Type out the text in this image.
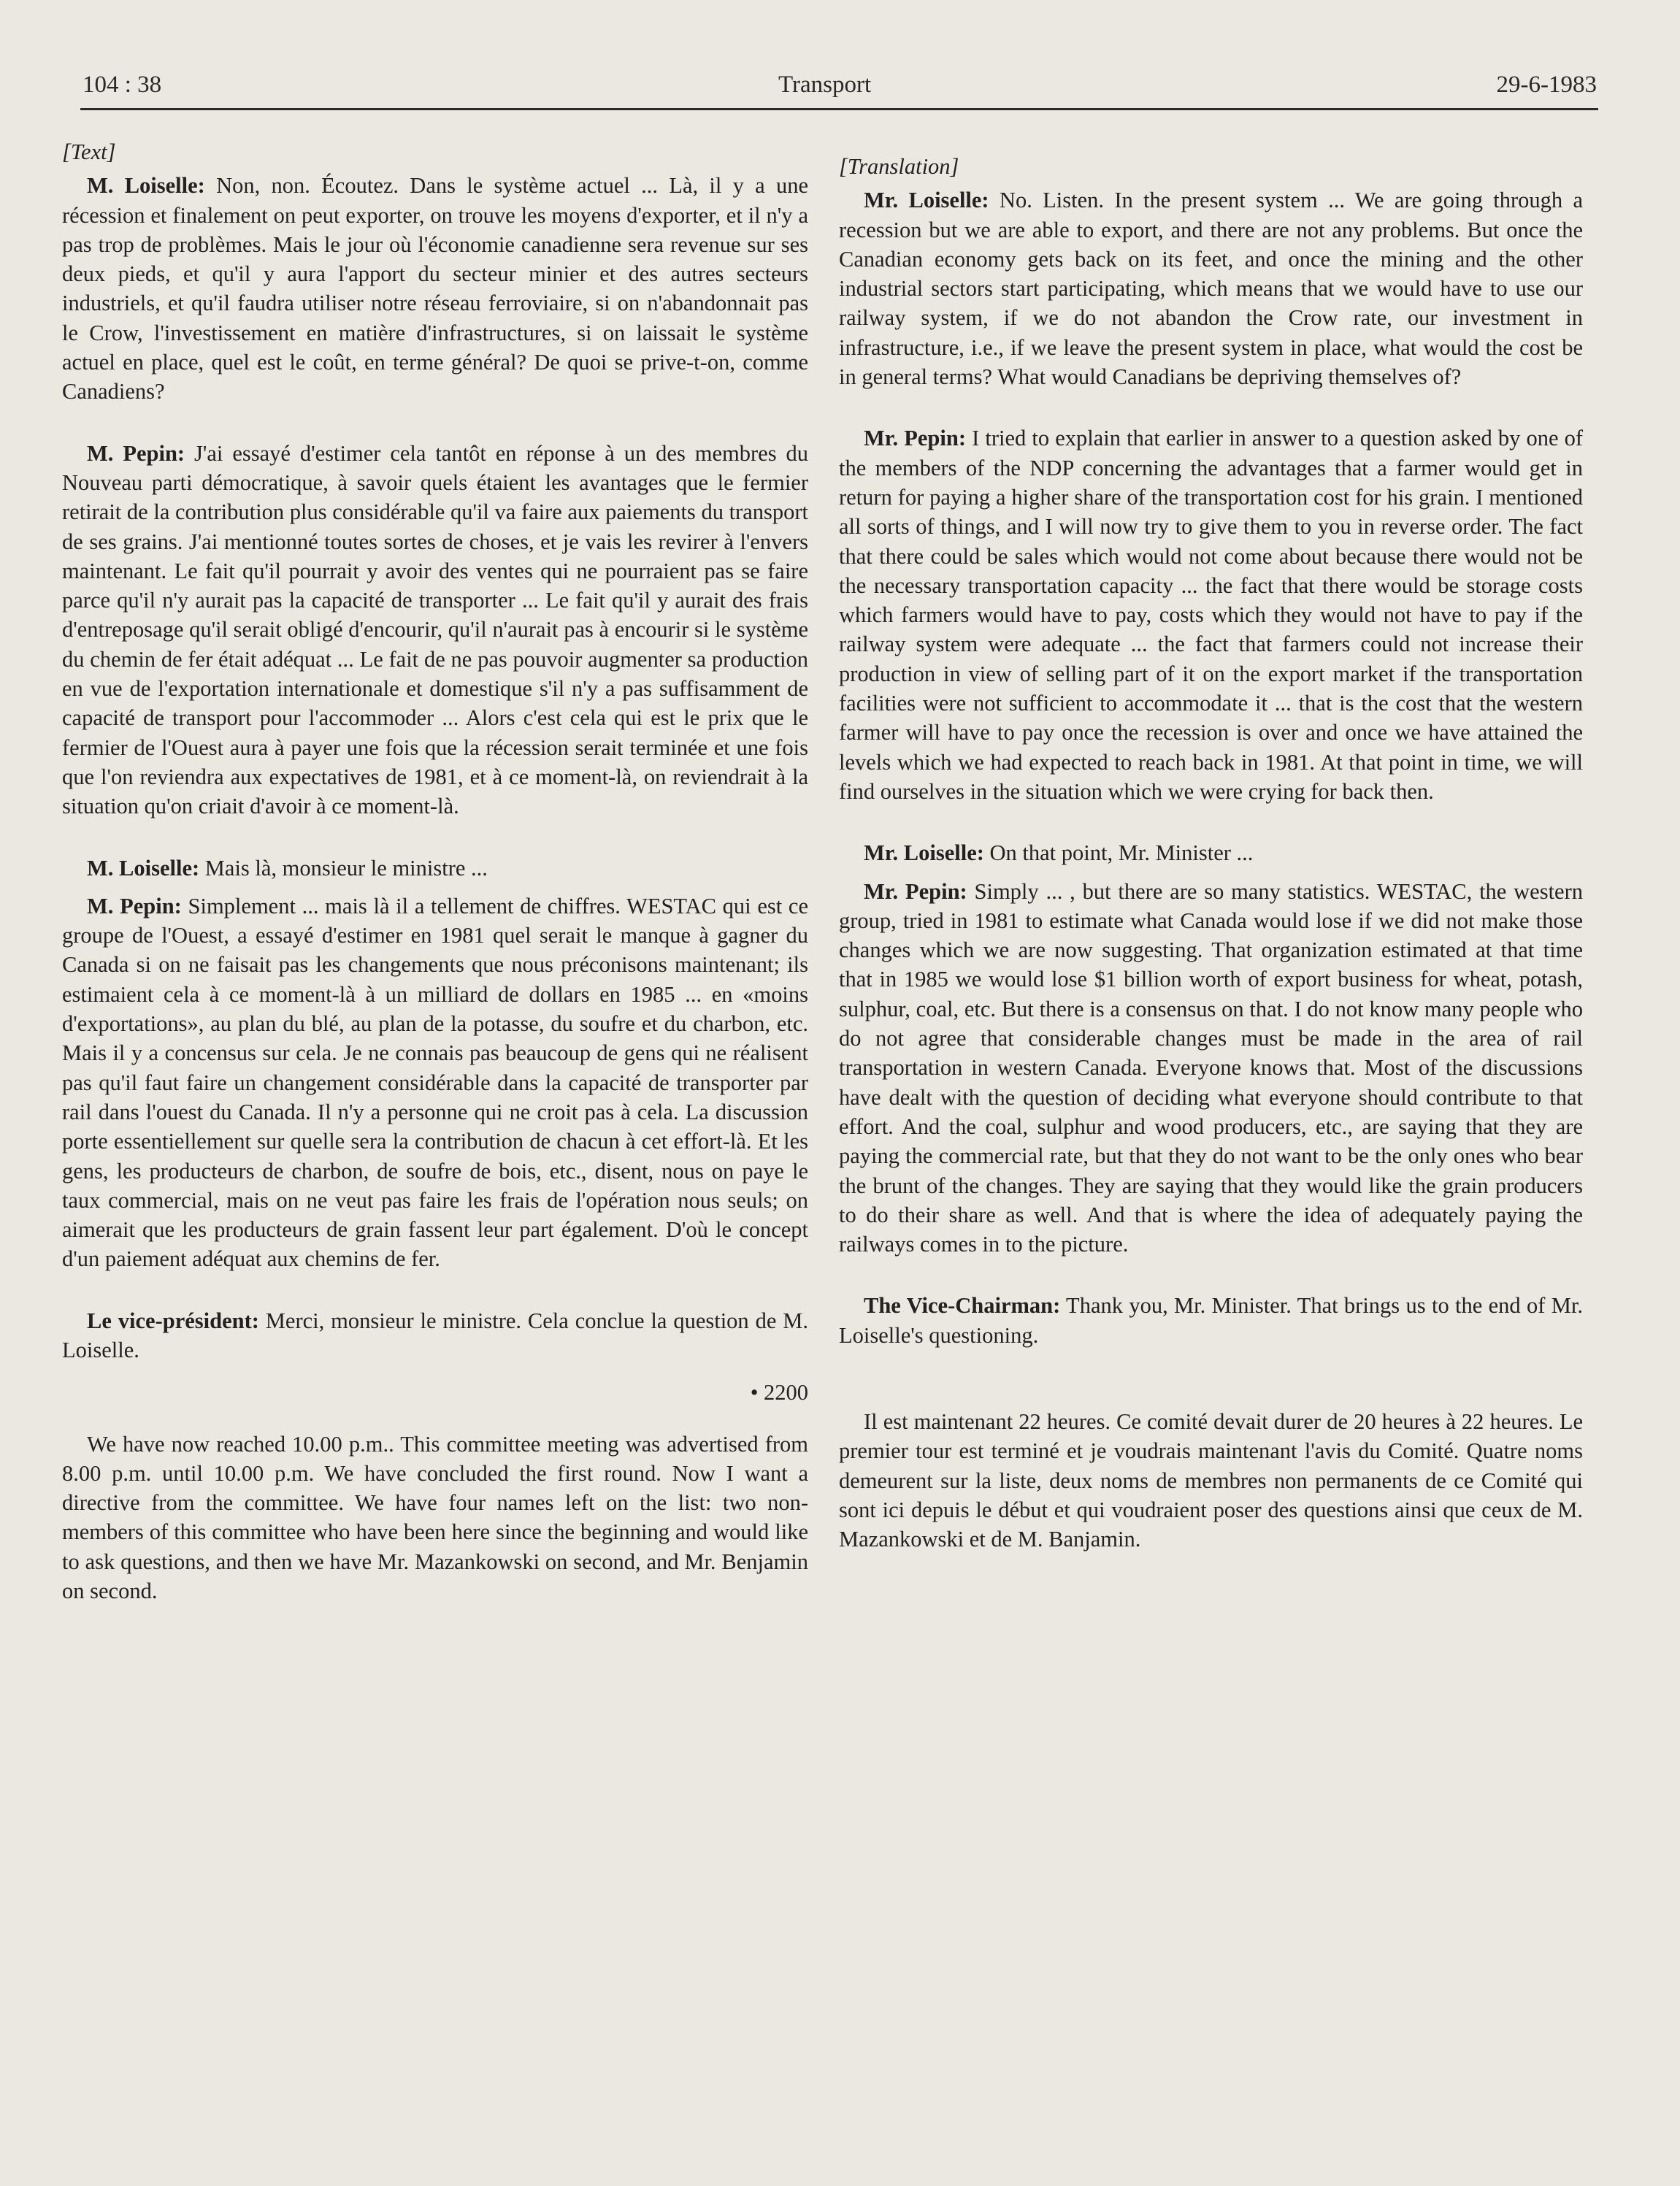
104 : 38	Transport	29-6-1983

[Text]

M. Loiselle: Non, non. Écoutez. Dans le système actuel ... Là, il y a une récession et finalement on peut exporter, on trouve les moyens d'exporter, et il n'y a pas trop de problèmes. Mais le jour où l'économie canadienne sera revenue sur ses deux pieds, et qu'il y aura l'apport du secteur minier et des autres secteurs industriels, et qu'il faudra utiliser notre réseau ferroviaire, si on n'abandonnait pas le Crow, l'investissement en matière d'infrastructures, si on laissait le système actuel en place, quel est le coût, en terme général? De quoi se prive-t-on, comme Canadiens?

M. Pepin: J'ai essayé d'estimer cela tantôt en réponse à un des membres du Nouveau parti démocratique, à savoir quels étaient les avantages que le fermier retirait de la contribution plus considérable qu'il va faire aux paiements du transport de ses grains. J'ai mentionné toutes sortes de choses, et je vais les revirer à l'envers maintenant. Le fait qu'il pourrait y avoir des ventes qui ne pourraient pas se faire parce qu'il n'y aurait pas la capacité de transporter ... Le fait qu'il y aurait des frais d'entreposage qu'il serait obligé d'encourir, qu'il n'aurait pas à encourir si le système du chemin de fer était adéquat ... Le fait de ne pas pouvoir augmenter sa production en vue de l'exportation internationale et domestique s'il n'y a pas suffisamment de capacité de transport pour l'accommoder ... Alors c'est cela qui est le prix que le fermier de l'Ouest aura à payer une fois que la récession serait terminée et une fois que l'on reviendra aux expectatives de 1981, et à ce moment-là, on reviendrait à la situation qu'on criait d'avoir à ce moment-là.

M. Loiselle: Mais là, monsieur le ministre ...

M. Pepin: Simplement ... mais là il a tellement de chiffres. WESTAC qui est ce groupe de l'Ouest, a essayé d'estimer en 1981 quel serait le manque à gagner du Canada si on ne faisait pas les changements que nous préconisons maintenant; ils estimaient cela à ce moment-là à un milliard de dollars en 1985 ... en «moins d'exportations», au plan du blé, au plan de la potasse, du soufre et du charbon, etc. Mais il y a concensus sur cela. Je ne connais pas beaucoup de gens qui ne réalisent pas qu'il faut faire un changement considérable dans la capacité de transporter par rail dans l'ouest du Canada. Il n'y a personne qui ne croit pas à cela. La discussion porte essentiellement sur quelle sera la contribution de chacun à cet effort-là. Et les gens, les producteurs de charbon, de soufre de bois, etc., disent, nous on paye le taux commercial, mais on ne veut pas faire les frais de l'opération nous seuls; on aimerait que les producteurs de grain fassent leur part également. D'où le concept d'un paiement adéquat aux chemins de fer.

Le vice-président: Merci, monsieur le ministre. Cela conclue la question de M. Loiselle.

• 2200

We have now reached 10.00 p.m.. This committee meeting was advertised from 8.00 p.m. until 10.00 p.m. We have concluded the first round. Now I want a directive from the committee. We have four names left on the list: two non-members of this committee who have been here since the beginning and would like to ask questions, and then we have Mr. Mazankowski on second, and Mr. Benjamin on second.

[Translation]

Mr. Loiselle: No. Listen. In the present system ... We are going through a recession but we are able to export, and there are not any problems. But once the Canadian economy gets back on its feet, and once the mining and the other industrial sectors start participating, which means that we would have to use our railway system, if we do not abandon the Crow rate, our investment in infrastructure, i.e., if we leave the present system in place, what would the cost be in general terms? What would Canadians be depriving themselves of?

Mr. Pepin: I tried to explain that earlier in answer to a question asked by one of the members of the NDP concerning the advantages that a farmer would get in return for paying a higher share of the transportation cost for his grain. I mentioned all sorts of things, and I will now try to give them to you in reverse order. The fact that there could be sales which would not come about because there would not be the necessary transportation capacity ... the fact that there would be storage costs which farmers would have to pay, costs which they would not have to pay if the railway system were adequate ... the fact that farmers could not increase their production in view of selling part of it on the export market if the transportation facilities were not sufficient to accommodate it ... that is the cost that the western farmer will have to pay once the recession is over and once we have attained the levels which we had expected to reach back in 1981. At that point in time, we will find ourselves in the situation which we were crying for back then.

Mr. Loiselle: On that point, Mr. Minister ...

Mr. Pepin: Simply ... , but there are so many statistics. WESTAC, the western group, tried in 1981 to estimate what Canada would lose if we did not make those changes which we are now suggesting. That organization estimated at that time that in 1985 we would lose $1 billion worth of export business for wheat, potash, sulphur, coal, etc. But there is a consensus on that. I do not know many people who do not agree that considerable changes must be made in the area of rail transportation in western Canada. Everyone knows that. Most of the discussions have dealt with the question of deciding what everyone should contribute to that effort. And the coal, sulphur and wood producers, etc., are saying that they are paying the commercial rate, but that they do not want to be the only ones who bear the brunt of the changes. They are saying that they would like the grain producers to do their share as well. And that is where the idea of adequately paying the railways comes in to the picture.

The Vice-Chairman: Thank you, Mr. Minister. That brings us to the end of Mr. Loiselle's questioning.

Il est maintenant 22 heures. Ce comité devait durer de 20 heures à 22 heures. Le premier tour est terminé et je voudrais maintenant l'avis du Comité. Quatre noms demeurent sur la liste, deux noms de membres non permanents de ce Comité qui sont ici depuis le début et qui voudraient poser des questions ainsi que ceux de M. Mazankowski et de M. Banjamin.
